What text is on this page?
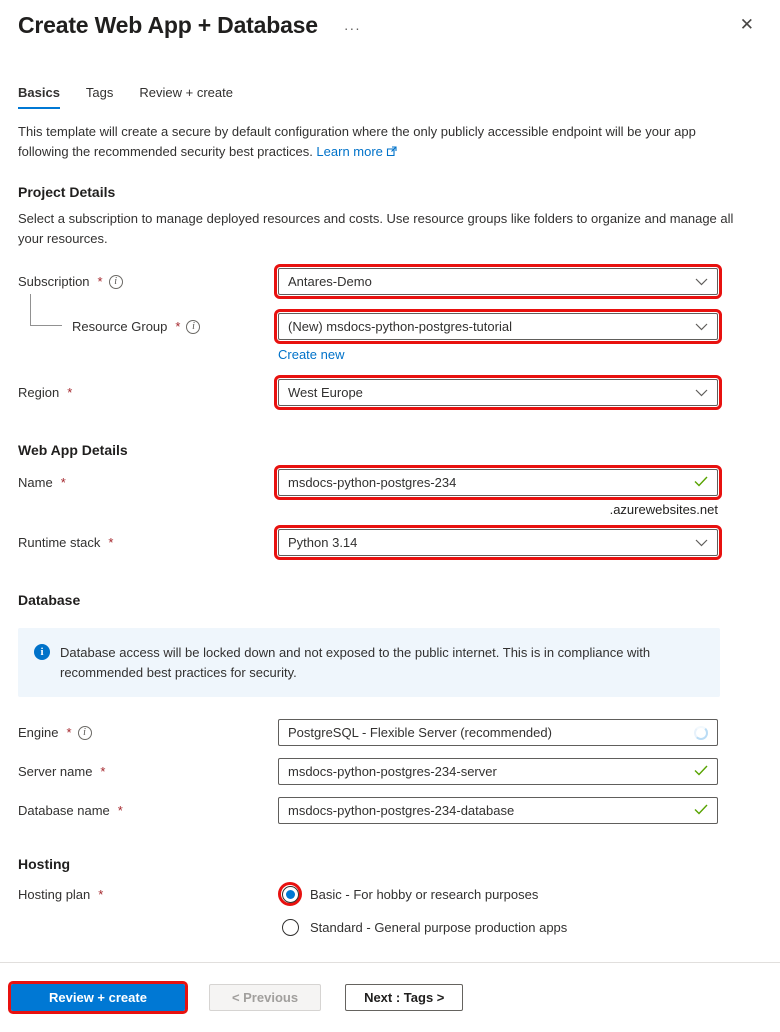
Create Web App + Database ···	✕
Basics Tags Review + create
This template will create a secure by default configuration where the only publicly accessible endpoint will be your app following the recommended security best practices. Learn more
Project Details
Select a subscription to manage deployed resources and costs. Use resource groups like folders to organize and manage all your resources.
Subscription *	i	Antares-Demo
Resource Group *	i	(New) msdocs-python-postgres-tutorial
Create new
Region *	West Europe
Web App Details
Name *
msdocs-python-postgres-234
.azurewebsites.net
Runtime stack *	Python 3.14
Database
i	Database access will be locked down and not exposed to the public internet. This is in compliance with recommended best practices for security.
Engine *	i	PostgreSQL - Flexible Server (recommended)
Server name *
msdocs-python-postgres-234-server
Database name *
msdocs-python-postgres-234-database
Hosting
Hosting plan *	Basic - For hobby or research purposes
Standard - General purpose production apps
Review + create	< Previous	Next : Tags >
